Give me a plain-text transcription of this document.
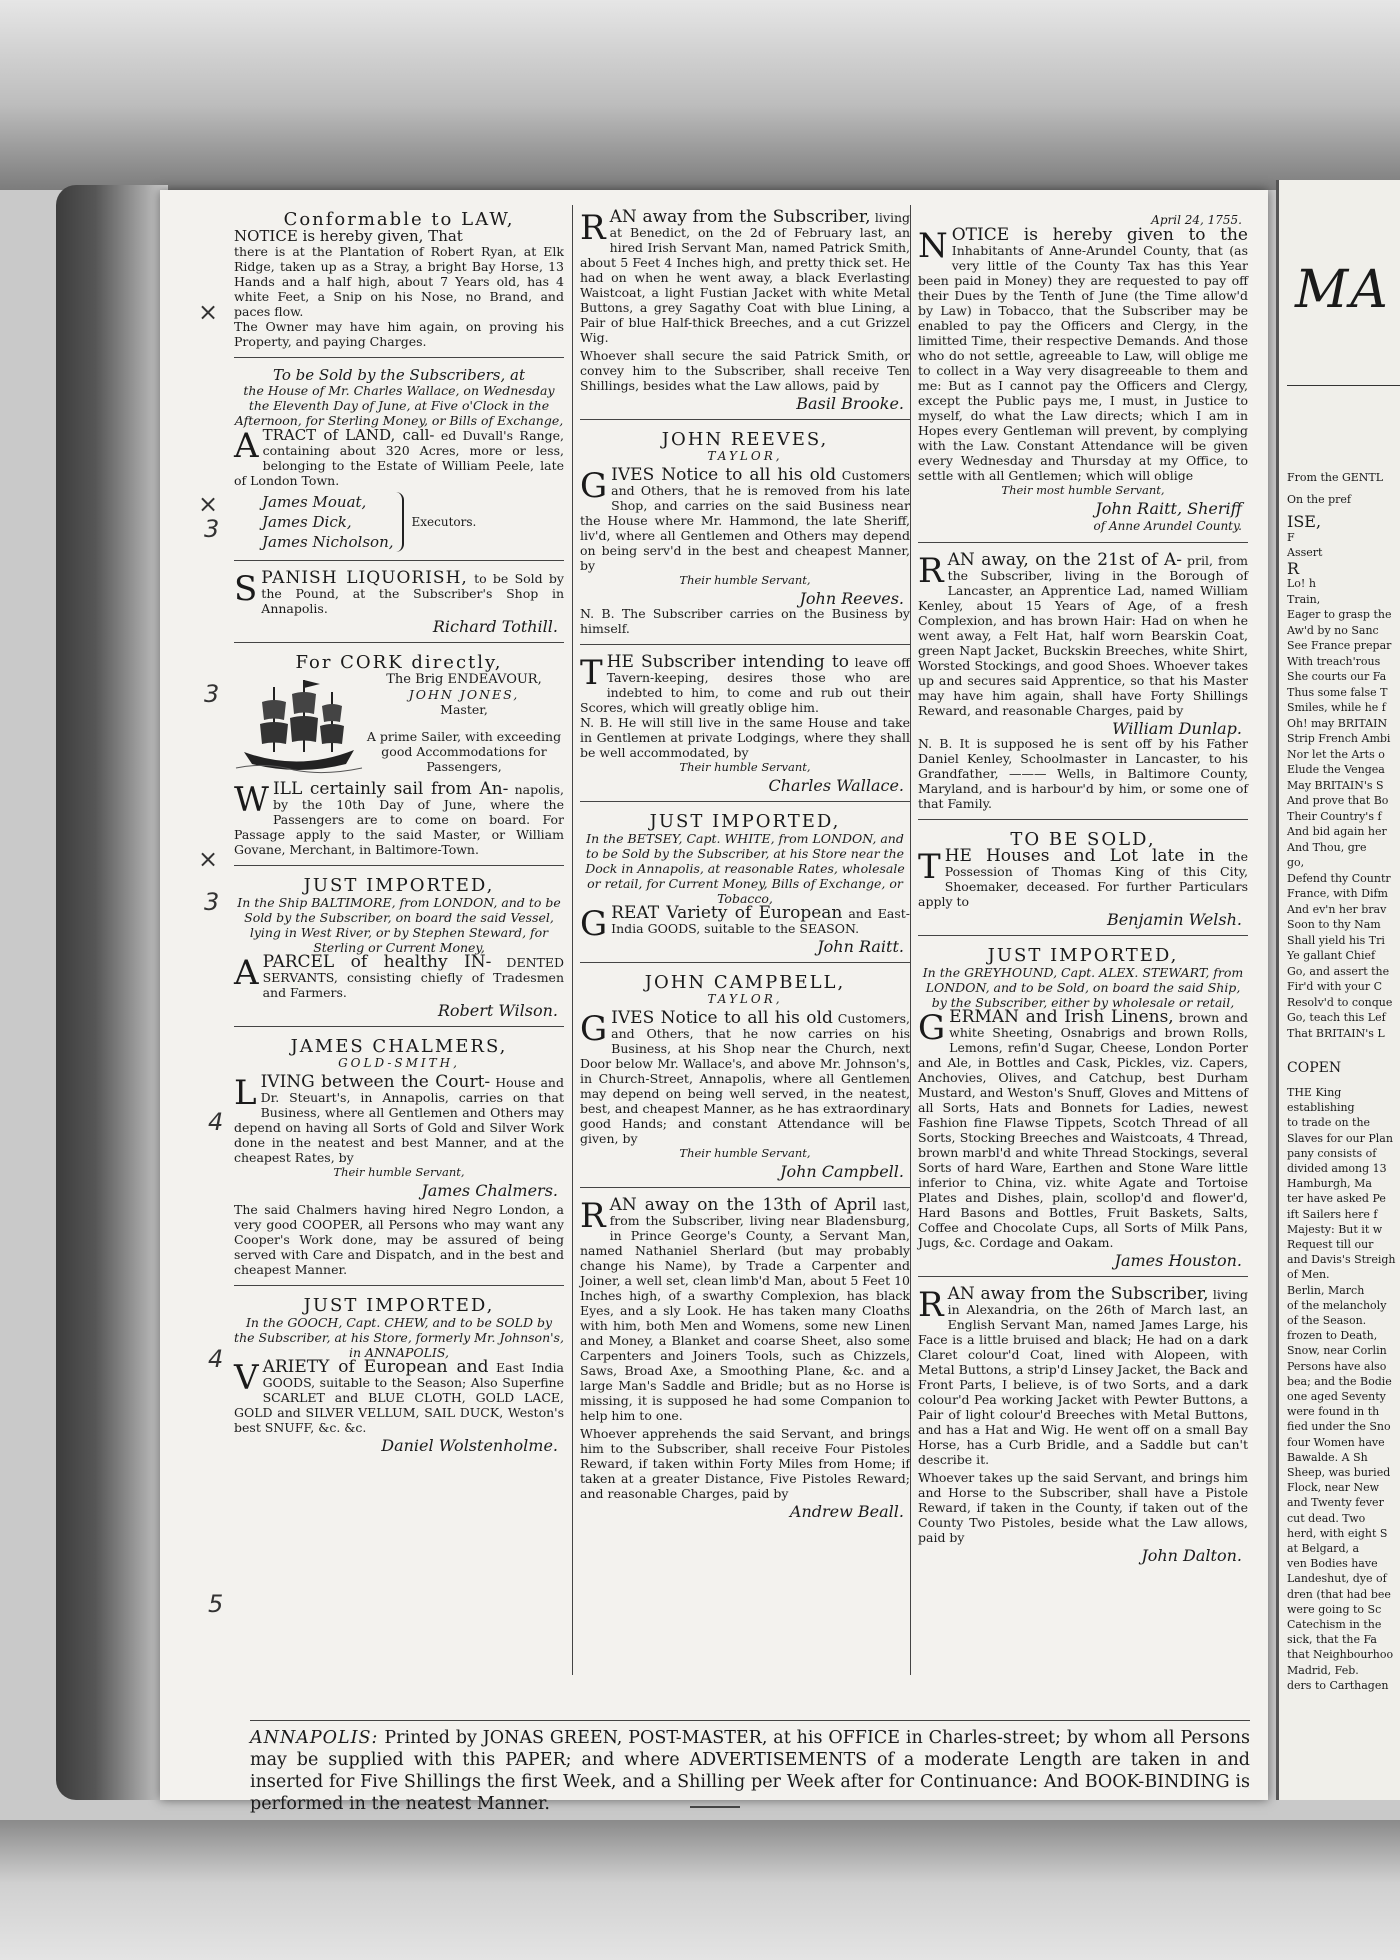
MA
From the GENTL
On the pref
ISE,
F
Assert
R
Lo! h
Train,
Eager to grasp the
Aw'd by no Sanc
See France prepar
With treach'rous
She courts our Fa
Thus some false T
Smiles, while he f
Oh! may BRITAIN
Strip French Ambi
Nor let the Arts o
Elude the Vengea
May BRITAIN's S
And prove that Bo
Their Country's f
And bid again her
And Thou, gre
go,
Defend thy Countr
France, with Difm
And ev'n her brav
Soon to thy Nam
Shall yield his Tri
Ye gallant Chief
Go, and assert the
Fir'd with your C
Resolv'd to conque
Go, teach this Lef
That BRITAIN's L
COPEN
THE King
establishing
to trade on the
Slaves for our Plan
pany consists of
divided among 13
Hamburgh, Ma
ter have asked Pe
ift Sailers here f
Majesty: But it w
Request till our
and Davis's Streigh
of Men.
Berlin, March
of the melancholy
of the Season.
frozen to Death,
Snow, near Corlin
Persons have also
bea; and the Bodie
one aged Seventy
were found in th
fied under the Sno
four Women have
Bawalde. A Sh
Sheep, was buried
Flock, near New
and Twenty fever
cut dead. Two
herd, with eight S
at Belgard, a
ven Bodies have
Landeshut, dye of
dren (that had bee
were going to Sc
Catechism in the
sick, that the Fa
that Neighbourhoo
Madrid, Feb.
ders to Carthagen
Conformable to LAW,
NOTICE is hereby given, That

there is at the Plantation of Robert Ryan, at Elk Ridge, taken up as a Stray, a bright Bay Horse, 13 Hands and a half high, about 7 Years old, has 4 white Feet, a Snip on his Nose, no Brand, and paces flow.

The Owner may have him again, on proving his Property, and paying Charges.

To be Sold by the Subscribers, at

the House of Mr. Charles Wallace, on Wednesday the Eleventh Day of June, at Five o'Clock in the Afternoon, for Sterling Money, or Bills of Exchange,

ATRACT of LAND, call- ed Duvall's Range, containing about 320 Acres, more or less, belonging to the Estate of William Peele, late of London Town.

James Mouat,
James Dick,
James Nicholson,
Executors.

SPANISH LIQUORISH, to be Sold by the Pound, at the Subscriber's Shop in Annapolis.

Richard Tothill.
For CORK directly,
The Brig ENDEAVOUR,
JOHN JONES,
Master,
A prime Sailer, with exceeding good Accommodations for Passengers,

WILL certainly sail from An- napolis, by the 10th Day of June, where the Passengers are to come on board. For Passage apply to the said Master, or William Govane, Merchant, in Baltimore-Town.

JUST IMPORTED,

In the Ship BALTIMORE, from LONDON, and to be Sold by the Subscriber, on board the said Vessel, lying in West River, or by Stephen Steward, for Sterling or Current Money,

APARCEL of healthy IN- DENTED SERVANTS, consisting chiefly of Tradesmen and Farmers.

Robert Wilson.
JAMES CHALMERS,
GOLD-SMITH,

LIVING between the Court- House and Dr. Steuart's, in Annapolis, carries on that Business, where all Gentlemen and Others may depend on having all Sorts of Gold and Silver Work done in the neatest and best Manner, and at the cheapest Rates, by

Their humble Servant,
James Chalmers.

The said Chalmers having hired Negro London, a very good COOPER, all Persons who may want any Cooper's Work done, may be assured of being served with Care and Dispatch, and in the best and cheapest Manner.

JUST IMPORTED,

In the GOOCH, Capt. CHEW, and to be SOLD by the Subscriber, at his Store, formerly Mr. Johnson's, in ANNAPOLIS,

VARIETY of European and East India GOODS, suitable to the Season; Also Superfine SCARLET and BLUE CLOTH, GOLD LACE, GOLD and SILVER VELLUM, SAIL DUCK, Weston's best SNUFF, &c. &c.

Daniel Wolstenholme.

RAN away from the Subscriber, living at Benedict, on the 2d of February last, an hired Irish Servant Man, named Patrick Smith, about 5 Feet 4 Inches high, and pretty thick set. He had on when he went away, a black Everlasting Waistcoat, a light Fustian Jacket with white Metal Buttons, a grey Sagathy Coat with blue Lining, a Pair of blue Half-thick Breeches, and a cut Grizzel Wig.

Whoever shall secure the said Patrick Smith, or convey him to the Subscriber, shall receive Ten Shillings, besides what the Law allows, paid by

Basil Brooke.
JOHN REEVES,
TAYLOR,

GIVES Notice to all his old Customers and Others, that he is removed from his late Shop, and carries on the said Business near the House where Mr. Hammond, the late Sheriff, liv'd, where all Gentlemen and Others may depend on being serv'd in the best and cheapest Manner, by

Their humble Servant,
John Reeves.

N. B. The Subscriber carries on the Business by himself.

THE Subscriber intending to leave off Tavern-keeping, desires those who are indebted to him, to come and rub out their Scores, which will greatly oblige him.

N. B. He will still live in the same House and take in Gentlemen at private Lodgings, where they shall be well accommodated, by

Their humble Servant,
Charles Wallace.
JUST IMPORTED,

In the BETSEY, Capt. WHITE, from LONDON, and to be Sold by the Subscriber, at his Store near the Dock in Annapolis, at reasonable Rates, wholesale or retail, for Current Money, Bills of Exchange, or Tobacco,

GREAT Variety of European and East-India GOODS, suitable to the SEASON.

John Raitt.
JOHN CAMPBELL,
TAYLOR,

GIVES Notice to all his old Customers, and Others, that he now carries on his Business, at his Shop near the Church, next Door below Mr. Wallace's, and above Mr. Johnson's, in Church-Street, Annapolis, where all Gentlemen may depend on being well served, in the neatest, best, and cheapest Manner, as he has extraordinary good Hands; and constant Attendance will be given, by

Their humble Servant,
John Campbell.

RAN away on the 13th of April last, from the Subscriber, living near Bladensburg, in Prince George's County, a Servant Man, named Nathaniel Sherlard (but may probably change his Name), by Trade a Carpenter and Joiner, a well set, clean limb'd Man, about 5 Feet 10 Inches high, of a swarthy Complexion, has black Eyes, and a sly Look. He has taken many Cloaths with him, both Men and Womens, some new Linen and Money, a Blanket and coarse Sheet, also some Carpenters and Joiners Tools, such as Chizzels, Saws, Broad Axe, a Smoothing Plane, &c. and a large Man's Saddle and Bridle; but as no Horse is missing, it is supposed he had some Companion to help him to one.

Whoever apprehends the said Servant, and brings him to the Subscriber, shall receive Four Pistoles Reward, if taken within Forty Miles from Home; if taken at a greater Distance, Five Pistoles Reward; and reasonable Charges, paid by

Andrew Beall.
April 24, 1755.

NOTICE is hereby given to the Inhabitants of Anne-Arundel County, that (as very little of the County Tax has this Year been paid in Money) they are requested to pay off their Dues by the Tenth of June (the Time allow'd by Law) in Tobacco, that the Subscriber may be enabled to pay the Officers and Clergy, in the limitted Time, their respective Demands. And those who do not settle, agreeable to Law, will oblige me to collect in a Way very disagreeable to them and me: But as I cannot pay the Officers and Clergy, except the Public pays me, I must, in Justice to myself, do what the Law directs; which I am in Hopes every Gentleman will prevent, by complying with the Law. Constant Attendance will be given every Wednesday and Thursday at my Office, to settle with all Gentlemen; which will oblige

Their most humble Servant,
John Raitt, Sheriff
of Anne Arundel County.

RAN away, on the 21st of A- pril, from the Subscriber, living in the Borough of Lancaster, an Apprentice Lad, named William Kenley, about 15 Years of Age, of a fresh Complexion, and has brown Hair: Had on when he went away, a Felt Hat, half worn Bearskin Coat, green Napt Jacket, Buckskin Breeches, white Shirt, Worsted Stockings, and good Shoes. Whoever takes up and secures said Apprentice, so that his Master may have him again, shall have Forty Shillings Reward, and reasonable Charges, paid by

William Dunlap.

N. B. It is supposed he is sent off by his Father Daniel Kenley, Schoolmaster in Lancaster, to his Grandfather, ——— Wells, in Baltimore County, Maryland, and is harbour'd by him, or some one of that Family.

TO BE SOLD,

THE Houses and Lot late in the Possession of Thomas King of this City, Shoemaker, deceased. For further Particulars apply to

Benjamin Welsh.
JUST IMPORTED,

In the GREYHOUND, Capt. ALEX. STEWART, from LONDON, and to be Sold, on board the said Ship, by the Subscriber, either by wholesale or retail,

GERMAN and Irish Linens, brown and white Sheeting, Osnabrigs and brown Rolls, Lemons, refin'd Sugar, Cheese, London Porter and Ale, in Bottles and Cask, Pickles, viz. Capers, Anchovies, Olives, and Catchup, best Durham Mustard, and Weston's Snuff, Gloves and Mittens of all Sorts, Hats and Bonnets for Ladies, newest Fashion fine Flawse Tippets, Scotch Thread of all Sorts, Stocking Breeches and Waistcoats, 4 Thread, brown marbl'd and white Thread Stockings, several Sorts of hard Ware, Earthen and Stone Ware little inferior to China, viz. white Agate and Tortoise Plates and Dishes, plain, scollop'd and flower'd, Hard Basons and Bottles, Fruit Baskets, Salts, Coffee and Chocolate Cups, all Sorts of Milk Pans, Jugs, &c. Cordage and Oakam.

James Houston.

RAN away from the Subscriber, living in Alexandria, on the 26th of March last, an English Servant Man, named James Large, his Face is a little bruised and black; He had on a dark Claret colour'd Coat, lined with Alopeen, with Metal Buttons, a strip'd Linsey Jacket, the Back and Front Parts, I believe, is of two Sorts, and a dark colour'd Pea working Jacket with Pewter Buttons, a Pair of light colour'd Breeches with Metal Buttons, and has a Hat and Wig. He went off on a small Bay Horse, has a Curb Bridle, and a Saddle but can't describe it.

Whoever takes up the said Servant, and brings him and Horse to the Subscriber, shall have a Pistole Reward, if taken in the County, if taken out of the County Two Pistoles, beside what the Law allows, paid by

John Dalton.
×
×
3
3
×
3
4
4
5
ANNAPOLIS: Printed by JONAS GREEN, POST-MASTER, at his OFFICE in Charles-street; by whom all Persons may be supplied with this PAPER; and where ADVERTISEMENTS of a moderate Length are taken in and inserted for Five Shillings the first Week, and a Shilling per Week after for Continuance: And BOOK-BINDING is performed in the neatest Manner.
